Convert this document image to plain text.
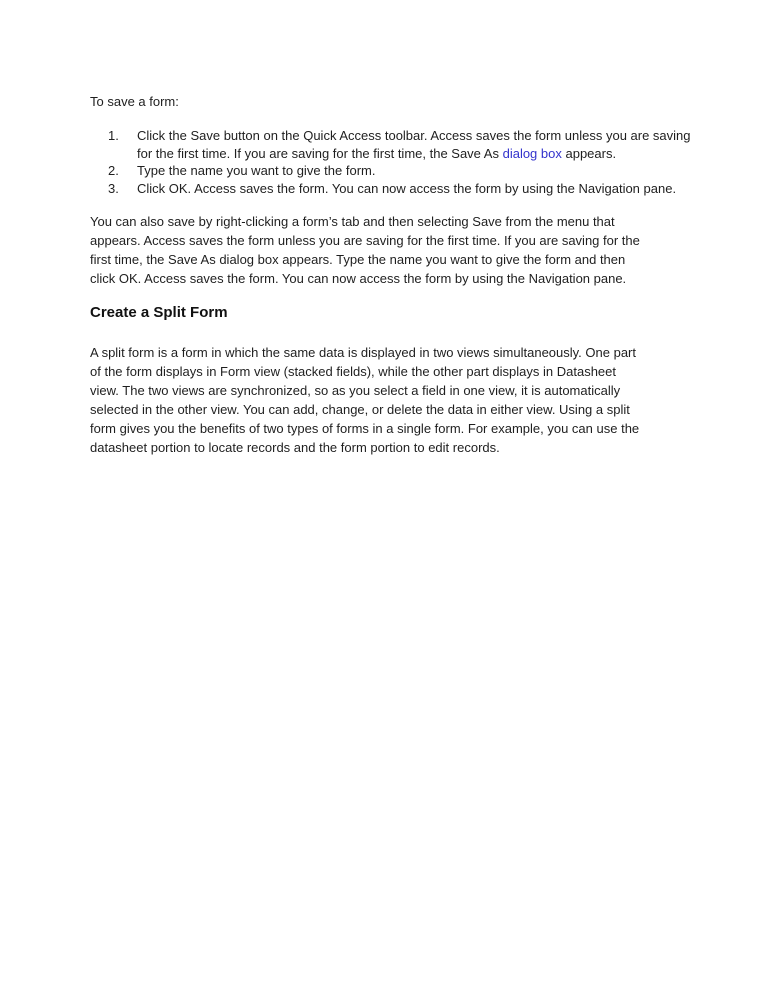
To save a form:

1.	Click the Save button on the Quick Access toolbar. Access saves the form unless you are saving
for the first time. If you are saving for the first time, the Save As dialog box appears.
2.	Type the name you want to give the form.
3.	Click OK. Access saves the form. You can now access the form by using the Navigation pane.
You can also save by right-clicking a form’s tab and then selecting Save from the menu that
appears. Access saves the form unless you are saving for the first time. If you are saving for the
first time, the Save As dialog box appears. Type the name you want to give the form and then
click OK. Access saves the form. You can now access the form by using the Navigation pane.
Create a Split Form
A split form is a form in which the same data is displayed in two views simultaneously. One part
of the form displays in Form view (stacked fields), while the other part displays in Datasheet
view. The two views are synchronized, so as you select a field in one view, it is automatically
selected in the other view. You can add, change, or delete the data in either view. Using a split
form gives you the benefits of two types of forms in a single form. For example, you can use the
datasheet portion to locate records and the form portion to edit records.
